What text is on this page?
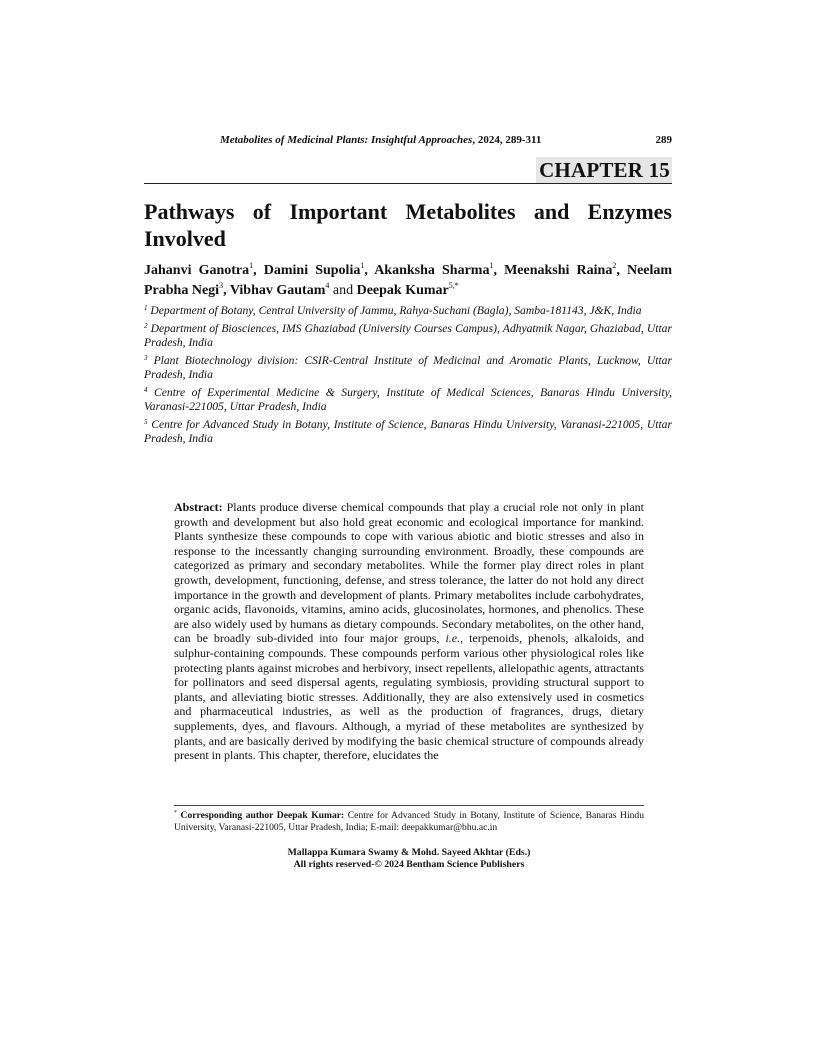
Metabolites of Medicinal Plants: Insightful Approaches, 2024, 289-311	289
CHAPTER 15
Pathways of Important Metabolites and Enzymes Involved
Jahanvi Ganotra$^1$, Damini Supolia$^1$, Akanksha Sharma$^1$, Meenakshi Raina$^2$, Neelam Prabha Negi$^3$, Vibhav Gautam$^4$ and Deepak Kumar$^{5,*}$

$^1$ Department of Botany, Central University of Jammu, Rahya-Suchani (Bagla), Samba-181143, J&K, India

$^2$ Department of Biosciences, IMS Ghaziabad (University Courses Campus), Adhyatmik Nagar, Ghaziabad, Uttar Pradesh, India

$^3$ Plant Biotechnology division: CSIR-Central Institute of Medicinal and Aromatic Plants, Lucknow, Uttar Pradesh, India

$^4$ Centre of Experimental Medicine & Surgery, Institute of Medical Sciences, Banaras Hindu University, Varanasi-221005, Uttar Pradesh, India

$^5$ Centre for Advanced Study in Botany, Institute of Science, Banaras Hindu University, Varanasi-221005, Uttar Pradesh, India

Abstract: Plants produce diverse chemical compounds that play a crucial role not only in plant growth and development but also hold great economic and ecological importance for mankind. Plants synthesize these compounds to cope with various abiotic and biotic stresses and also in response to the incessantly changing surrounding environment. Broadly, these compounds are categorized as primary and secondary metabolites. While the former play direct roles in plant growth, development, functioning, defense, and stress tolerance, the latter do not hold any direct importance in the growth and development of plants. Primary metabolites include carbohydrates, organic acids, flavonoids, vitamins, amino acids, glucosinolates, hormones, and phenolics. These are also widely used by humans as dietary compounds. Secondary metabolites, on the other hand, can be broadly sub-divided into four major groups, i.e., terpenoids, phenols, alkaloids, and sulphur-containing compounds. These compounds perform various other physiological roles like protecting plants against microbes and herbivory, insect repellents, allelopathic agents, attractants for pollinators and seed dispersal agents, regulating symbiosis, providing structural support to plants, and alleviating biotic stresses. Additionally, they are also extensively used in cosmetics and pharmaceutical industries, as well as the production of fragrances, drugs, dietary supplements, dyes, and flavours. Although, a myriad of these metabolites are synthesized by plants, and are basically derived by modifying the basic chemical structure of compounds already present in plants. This chapter, therefore, elucidates the

* Corresponding author Deepak Kumar: Centre for Advanced Study in Botany, Institute of Science, Banaras Hindu University, Varanasi-221005, Uttar Pradesh, India; E-mail: deepakkumar@bhu.ac.in
Mallappa Kumara Swamy & Mohd. Sayeed Akhtar (Eds.)
All rights reserved-© 2024 Bentham Science Publishers
